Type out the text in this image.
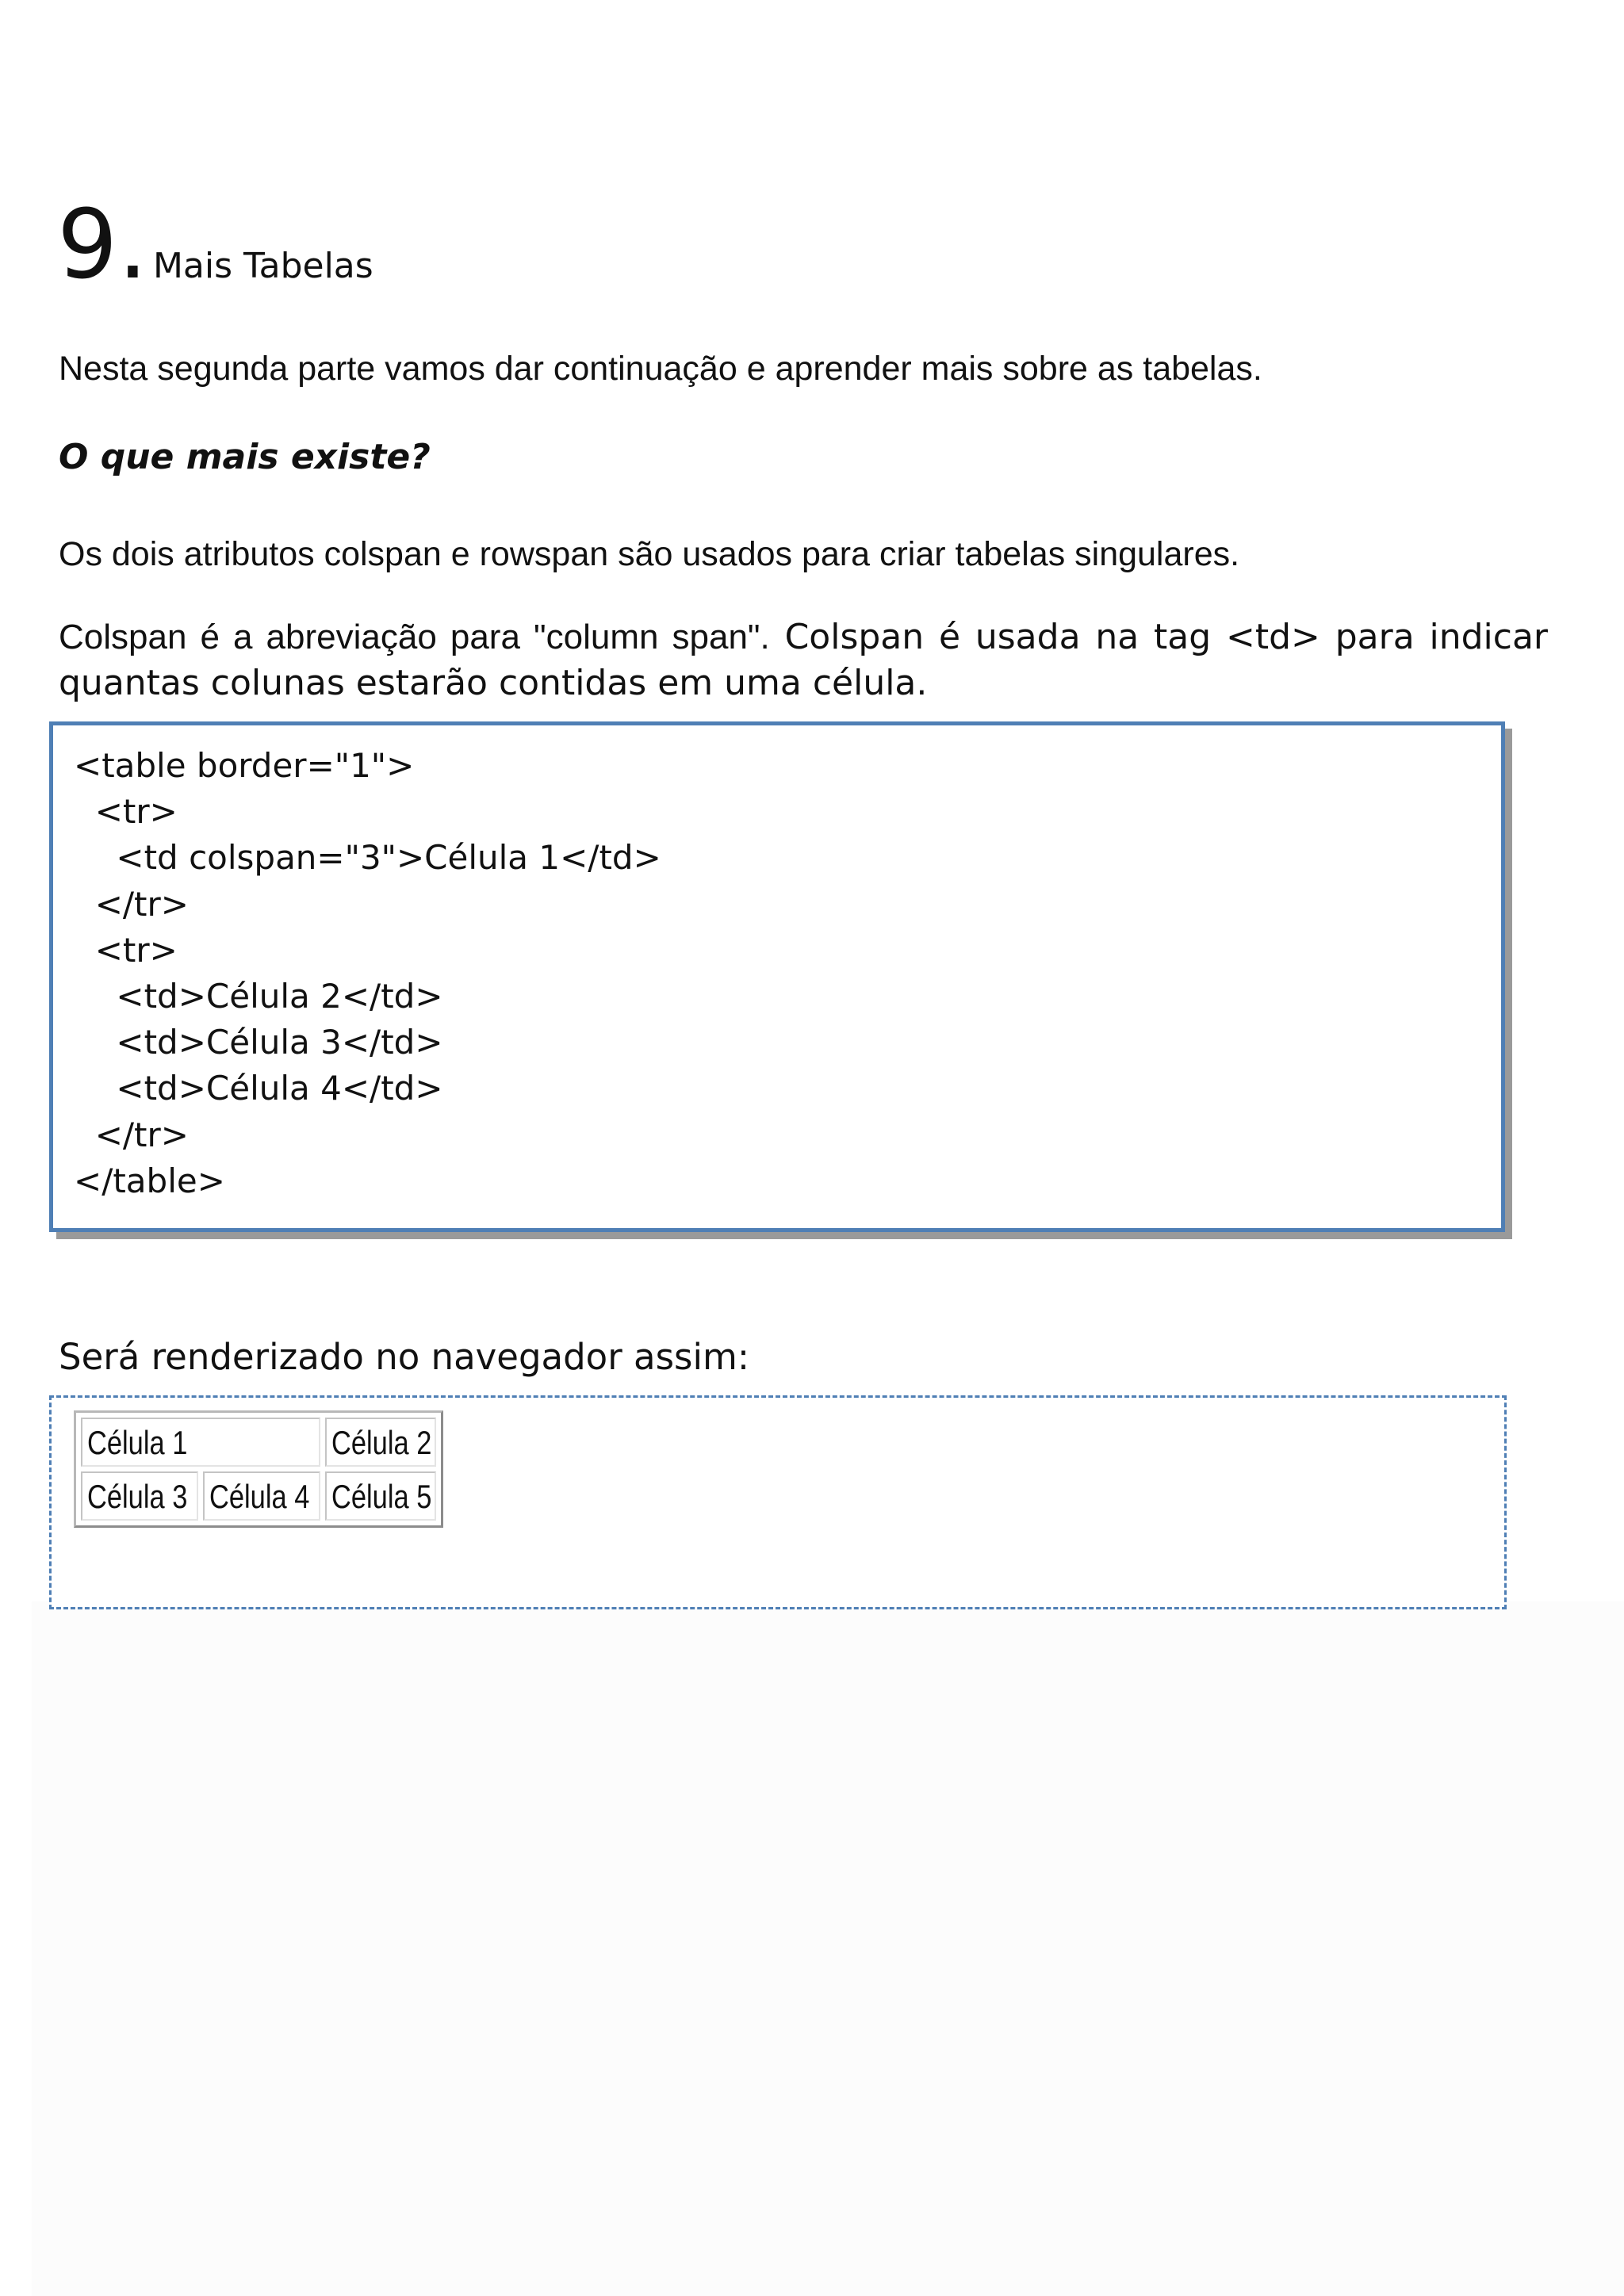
9. Mais Tabelas

Nesta segunda parte vamos dar continuação e aprender mais sobre as tabelas.

O que mais existe?

Os dois atributos colspan e rowspan são usados para criar tabelas singulares.

Colspan é a abreviação para "column span". Colspan é usada na tag <td> para indicar quantas colunas estarão contidas em uma célula.

<table border="1">
<tr>
<td colspan="3">Célula 1</td>
</tr>
<tr>
<td>Célula 2</td>
<td>Célula 3</td>
<td>Célula 4</td>
</tr>
</table>

Será renderizado no navegador assim:

Célula 1		Célula 2
Célula 3	Célula 4	Célula 5
